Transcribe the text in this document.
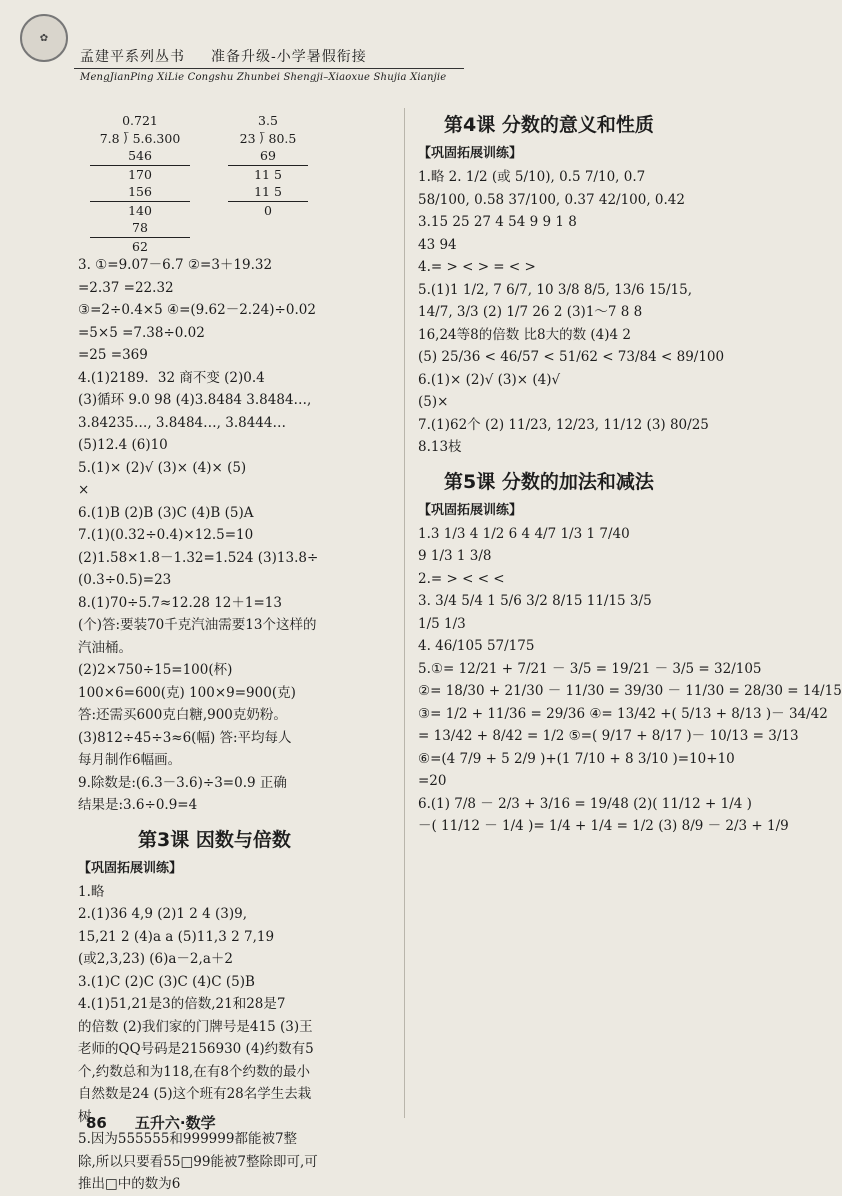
✿
孟建平系列丛书 准备升级-小学暑假衔接
MengJianPing XiLie Congshu Zhunbei Shengji–Xiaoxue Shujia Xianjie
0.721
7.8 ⟌ 5.6.300
546
170
156
140
78
62
3.5
23 ⟌ 80.5
69
11 5
11 5
0
3. ①=9.07－6.7 ②=3＋19.32
=2.37 =22.32
③=2÷0.4×5 ④=(9.62－2.24)÷0.02
=5×5 =7.38÷0.02
=25 =369
4.(1)2189．32 商不变 (2)0.4
(3)循环 9.0 98 (4)3.8484 3.8484…,
3.84235…, 3.8484…, 3.8444…
(5)12.4 (6)10
5.(1)× (2)√ (3)× (4)× (5)
×
6.(1)B (2)B (3)C (4)B (5)A
7.(1)(0.32÷0.4)×12.5=10
(2)1.58×1.8－1.32=1.524 (3)13.8÷
(0.3÷0.5)=23
8.(1)70÷5.7≈12.28 12＋1=13
(个)答:要装70千克汽油需要13个这样的
汽油桶。
(2)2×750÷15=100(杯)
100×6=600(克) 100×9=900(克)
答:还需买600克白糖,900克奶粉。
(3)812÷45÷3≈6(幅) 答:平均每人
每月制作6幅画。
9.除数是:(6.3－3.6)÷3=0.9 正确
结果是:3.6÷0.9=4
第3课 因数与倍数
【巩固拓展训练】
1.略
2.(1)36 4,9 (2)1 2 4 (3)9,
15,21 2 (4)a a (5)11,3 2 7,19
(或2,3,23) (6)a－2,a＋2
3.(1)C (2)C (3)C (4)C (5)B
4.(1)51,21是3的倍数,21和28是7
的倍数 (2)我们家的门牌号是415 (3)王
老师的QQ号码是2156930 (4)约数有5
个,约数总和为118,在有8个约数的最小
自然数是24 (5)这个班有28名学生去栽
树
5.因为555555和999999都能被7整
除,所以只要看55□99能被7整除即可,可
推出□中的数为6
第4课 分数的意义和性质
【巩固拓展训练】
1.略 2. 1/2 (或 5/10), 0.5 7/10, 0.7
58/100, 0.58 37/100, 0.37 42/100, 0.42
3.15 25 27 4 54 9 9 1 8
43 94
4.= > < > = < >
5.(1)1 1/2, 7 6/7, 10 3/8 8/5, 13/6 15/15,
14/7, 3/3 (2) 1/7 26 2 (3)1～7 8 8
16,24等8的倍数 比8大的数 (4)4 2
(5) 25/36 < 46/57 < 51/62 < 73/84 < 89/100
6.(1)× (2)√ (3)× (4)√
(5)×
7.(1)62个 (2) 11/23, 12/23, 11/12 (3) 80/25
8.13枝
第5课 分数的加法和减法
【巩固拓展训练】
1.3 1/3 4 1/2 6 4 4/7 1/3 1 7/40
9 1/3 1 3/8
2.= > < < <
3. 3/4 5/4 1 5/6 3/2 8/15 11/15 3/5
1/5 1/3
4. 46/105 57/175
5.①= 12/21 + 7/21 － 3/5 = 19/21 － 3/5 = 32/105
②= 18/30 + 21/30 － 11/30 = 39/30 － 11/30 = 28/30 = 14/15
③= 1/2 + 11/36 = 29/36 ④= 13/42 +( 5/13 + 8/13 )－ 34/42
= 13/42 + 8/42 = 1/2 ⑤=( 9/17 + 8/17 )－ 10/13 = 3/13
⑥=(4 7/9 + 5 2/9 )+(1 7/10 + 8 3/10 )=10+10
=20
6.(1) 7/8 － 2/3 + 3/16 = 19/48 (2)( 11/12 + 1/4 )
－( 11/12 － 1/4 )= 1/4 + 1/4 = 1/2 (3) 8/9 － 2/3 + 1/9
86 五升六·数学
